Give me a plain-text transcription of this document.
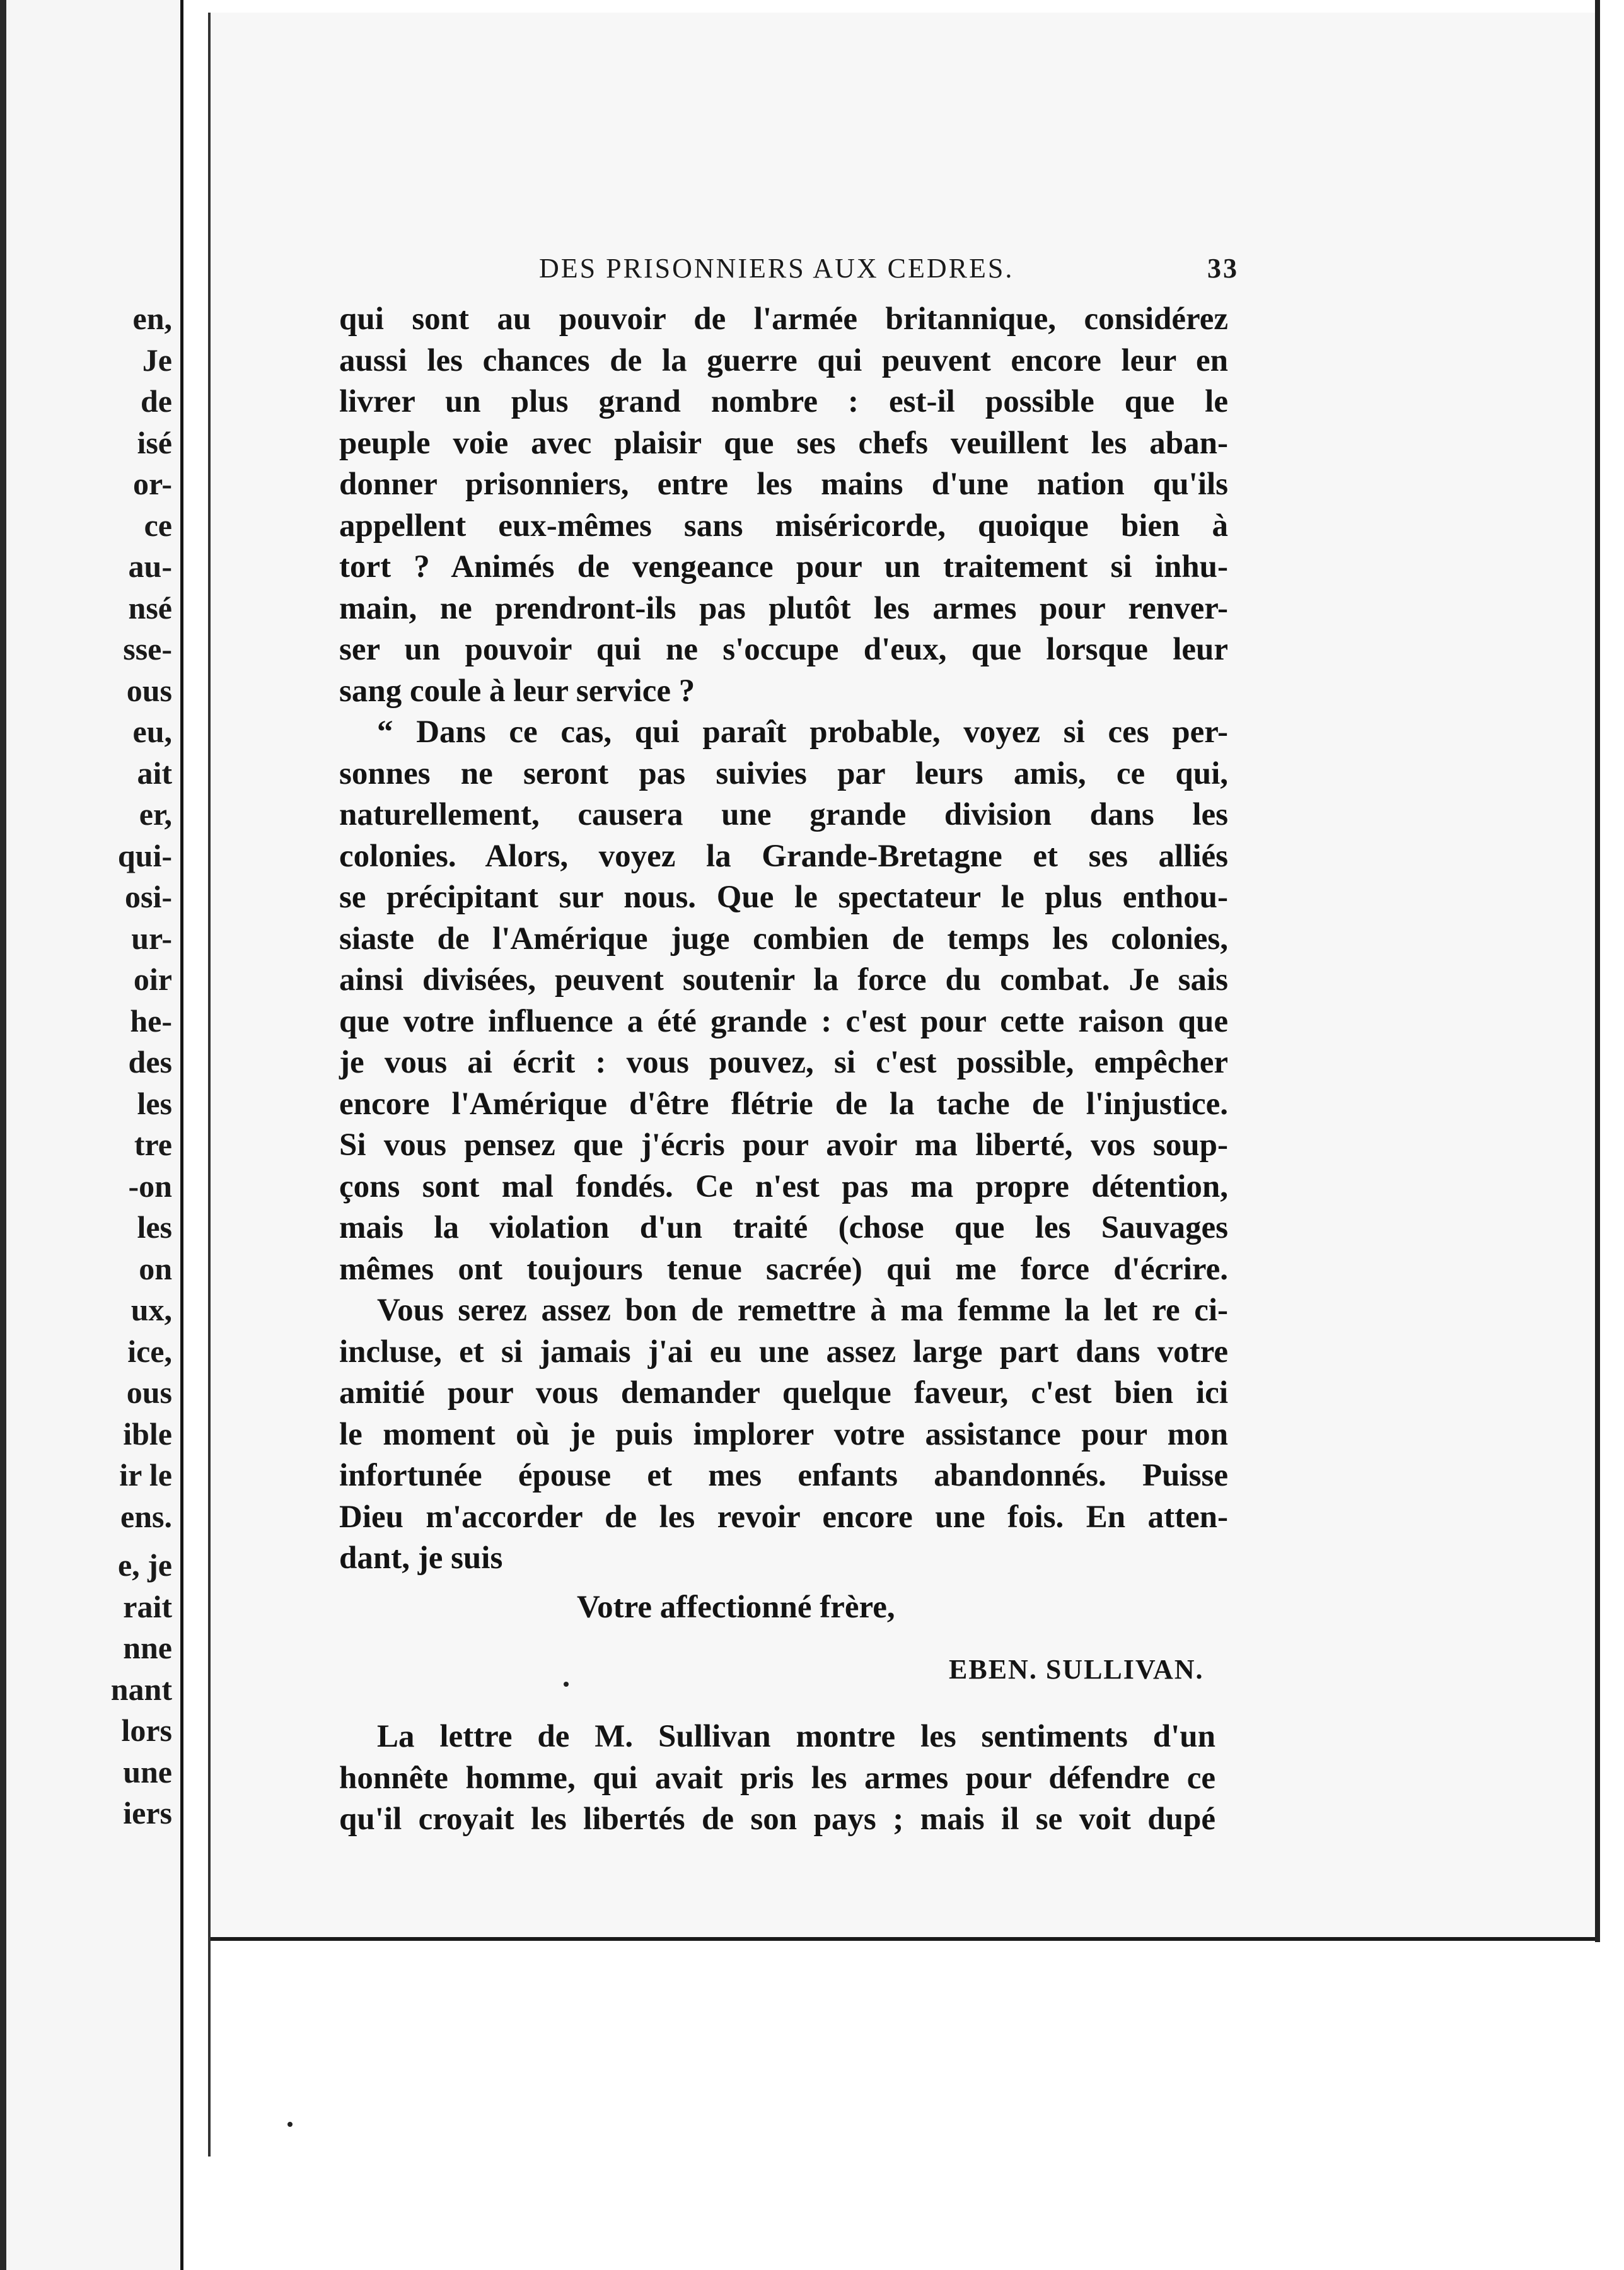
en,
Je
de
isé
or-
ce
au-
nsé
sse-
ous
eu,
ait
er,
qui-
osi-
ur-
oir
he-
des
les
tre
-on
les
on
ux,
ice,
ous
ible
ir le
ens.
e, je
rait
nne
nant
lors
une
iers
DES PRISONNIERS AUX CEDRES.	33
qui sont au pouvoir de l'armée britannique, considérez
aussi les chances de la guerre qui peuvent encore leur en
livrer un plus grand nombre : est-il possible que le
peuple voie avec plaisir que ses chefs veuillent les aban-
donner prisonniers, entre les mains d'une nation qu'ils
appellent eux-mêmes sans miséricorde, quoique bien à
tort ? Animés de vengeance pour un traitement si inhu-
main, ne prendront-ils pas plutôt les armes pour renver-
ser un pouvoir qui ne s'occupe d'eux, que lorsque leur
sang coule à leur service ?
“ Dans ce cas, qui paraît probable, voyez si ces per-
sonnes ne seront pas suivies par leurs amis, ce qui,
naturellement, causera une grande division dans les
colonies. Alors, voyez la Grande-Bretagne et ses alliés
se précipitant sur nous. Que le spectateur le plus enthou-
siaste de l'Amérique juge combien de temps les colonies,
ainsi divisées, peuvent soutenir la force du combat. Je sais
que votre influence a été grande : c'est pour cette raison que
je vous ai écrit : vous pouvez, si c'est possible, empêcher
encore l'Amérique d'être flétrie de la tache de l'injustice.
Si vous pensez que j'écris pour avoir ma liberté, vos soup-
çons sont mal fondés. Ce n'est pas ma propre détention,
mais la violation d'un traité (chose que les Sauvages
mêmes ont toujours tenue sacrée) qui me force d'écrire.
Vous serez assez bon de remettre à ma femme la let re ci-
incluse, et si jamais j'ai eu une assez large part dans votre
amitié pour vous demander quelque faveur, c'est bien ici
le moment où je puis implorer votre assistance pour mon
infortunée épouse et mes enfants abandonnés. Puisse
Dieu m'accorder de les revoir encore une fois. En atten-
dant, je suis
Votre affectionné frère,
EBEN. SULLIVAN.
La lettre de M. Sullivan montre les sentiments d'un
honnête homme, qui avait pris les armes pour défendre ce
qu'il croyait les libertés de son pays ; mais il se voit dupé
